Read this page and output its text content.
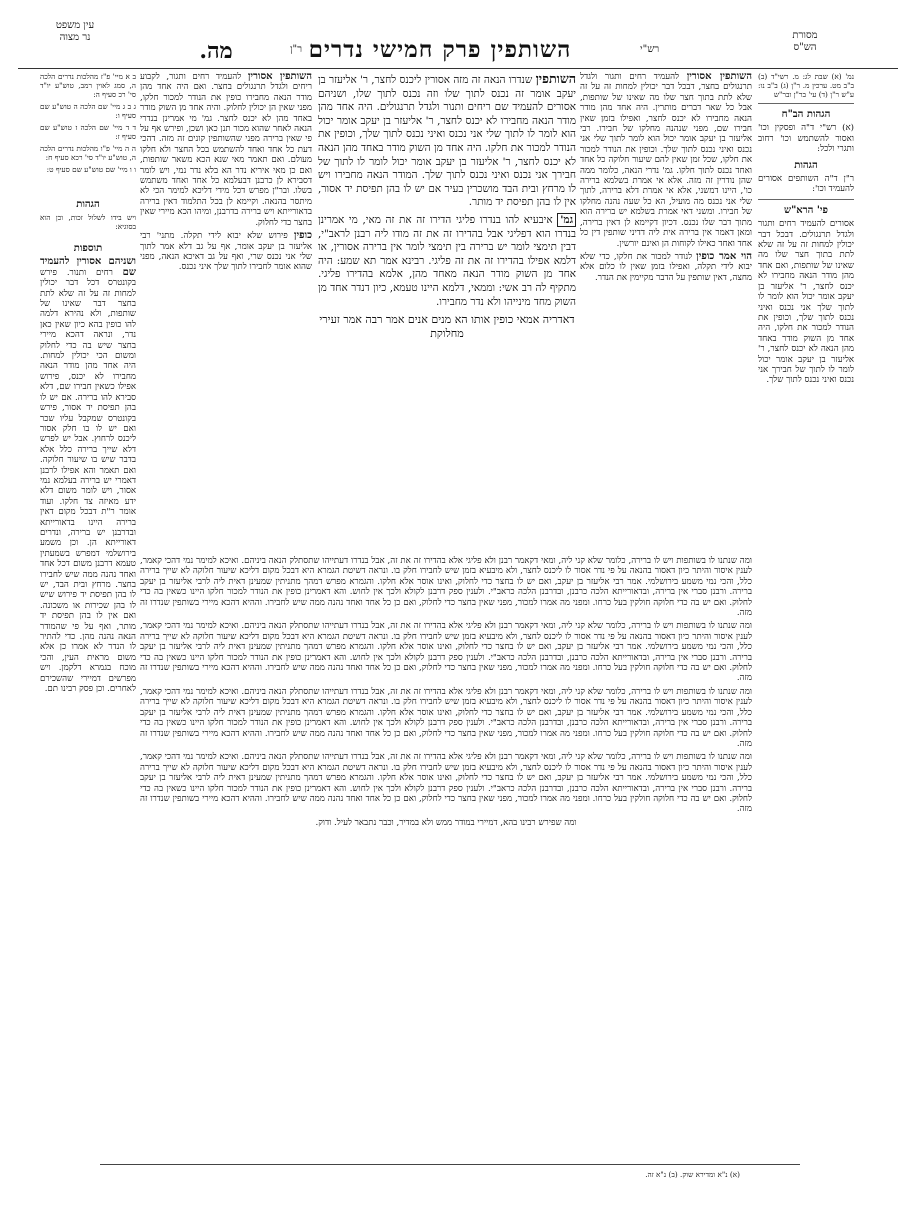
השותפין פרק חמישי נדרים
מה.	רש"י
ר"ן
עין משפט
נר מצוה	מסורת
הש"ס

נמ' (א) שבת לג: מ. רשי"ד (ב) ב"ב מט. ערכין מ. ר"ן (ג) ב"ב נו: ע"ש ר"ן (ד) עי' בר"ן ובר"ש

הגהות הב"ח

(א) רש"י ד"ה ופסקין וכו' ואסור להשתמש וכו' רחוב ותגרי ולכל:

הגהות

ר"ן ד"ה השותפים אסורים להעמיד וכו':

פי' הרא"ש

אסורים להעמיד רחים ותגור ולגדל תרנגולים. דבכל דבר יכולין למחות זה על זה שלא לתת בתוך חצר שלו מה שאינו של שותפות, ואם אחד מהן מודר הנאה מחבירו לא יכנס לחצר, ר' אליעזר בן יעקב אומר יכול הוא לומר לו לתוך שלך אני נכנס ואיני נכנס לתוך שלך, וכופין את הנודר למכור את חלקו, היה אחד מן השוק מודר באחד מהן הנאה לא יכנס לחצר, ר' אליעזר בן יעקב אומר יכול לומר לו לתוך של חבירך אני נכנס ואיני נכנס לתוך שלך.

השותפין אסורין להעמיד רחים ותגור ולגדל תרנגולים בחצר, דבכל דבר יכולין למחות זה על זה שלא לתת בתוך חצר שלו מה שאינו של שותפות, אבל כל שאר דברים מותרין. היה אחד מהן מודר הנאה מחבירו לא יכנס לחצר, ואפילו בזמן שאין חבירו שם, מפני שנהנה מחלקו של חבירו. רבי אליעזר בן יעקב אומר יכול הוא לומר לתוך שלי אני נכנס ואיני נכנס לתוך שלך. וכופין את הנודר למכור את חלקו, שכל זמן שאין להם שיעור חלוקה כל אחד ואחד נכנס לתוך חלקו. גמ' נדרי הנאה, כלומר ממה שהן נודרין זה מזה. אלא אי אמרת בשלמא ברירה כו', היינו דמשני, אלא אי אמרת דלא ברירה, לתוך שלי אני נכנס מה מועיל, הא כל שעה נהנה מחלקו של חבירו. ומשני דאי אמרת בשלמא יש ברירה הוא מתוך דבר שלו נכנס. דכיון דקיימא לן דאין ברירה, ומאן דאמר אין ברירה אית ליה דדיני שותפין דין כל אחד ואחד כאילו לקוחות הן ואינם יורשין.

הוי אמר כופין לנודר למכור את חלקו, כדי שלא יבוא לידי תקלה, ואפילו בזמן שאין לו כלום אלא מחצה, דאין שותפין על הדבר מקיימין את הנדר.

השותפין שנדרו הנאה זה מזה אסורין ליכנס לחצר, ר' אליעזר בן יעקב אומר זה נכנס לתוך שלו וזה נכנס לתוך שלו, ושניהם אסורים להעמיד שם ריחים ותנור ולגדל תרנגולים. היה אחד מהן מודר הנאה מחבירו לא יכנס לחצר, ר' אליעזר בן יעקב אומר יכול הוא לומר לו לתוך שלי אני נכנס ואיני נכנס לתוך שלך, וכופין את הנודר למכור את חלקו. היה אחד מן השוק מודר באחד מהן הנאה לא יכנס לחצר, ר' אליעזר בן יעקב אומר יכול לומר לו לתוך של חבירך אני נכנס ואיני נכנס לתוך שלך. המודר הנאה מחבירו ויש לו מרחץ ובית הבד מושכרין בעיר אם יש לו בהן תפיסת יד אסור, אין לו בהן תפיסת יד מותר.

גמ' איבעיא להו בנדרו פליגי הדירו זה את זה מאי, מי אמרינן בנדרו הוא דפליגי אבל בהדירו זה את זה מודו ליה רבנן לראב"י, דבין תימצי לומר יש ברירה בין תימצי לומר אין ברירה אסורין, או דלמא אפילו בהדירו זה את זה פליגי. רבינא אמר תא שמע: היה אחד מן השוק מודר הנאה מאחד מהן, אלמא בהדירו פליגי. מתקיף לה רב אשי: וממאי, דלמא היינו טעמא, כיון דנדר אחד מן השוק מחד מינייהו ולא נדר מחבירו.

דאדריה אמאי כופין אותו הא מנים אנים אמר רבה אמר זעירי מחלוקת

השותפין אסורין להעמיד רחים ותגור, לקבוע ריחים ולגדל תרנגולים בחצר. ואם היה אחד מהן מודר הנאה מחבירו כופין את הנודר למכור חלקו, מפני שאין הן יכולין לחלוק. והיה אחד מן השוק מודר באחד מהן לא יכנס לחצר. גמ' מי אמרינן בנדרי הנאה לאחר שהוא מכור תנן כאן ושכן, ופירש אף על פי שאין ברירה מפני שהשותפין קונים זה מזה. דהכי דעת כל אחד ואחד להשתמש בכל החצר ולא חלקו מעולם. ואם תאמר מאי שנא הכא משאר שותפות, ואם כן מאי איריא נדר הא בלא נדר נמי, ויש לומר דסבירא לן כרבנן דבעלמא כל אחד ואחד משתמש בשלו. ובר"ן מפרש דכל מידי דליכא למימר הכי לא מיתסר בהנאה. וקיימא לן בכל התלמוד דאין ברירה בדאורייתא ויש ברירה בדרבנן, ומיהו הכא מיירי שאין בחצר כדי לחלוק.

כופין פירוש שלא יבוא לידי תקלה. מתני' רבי אליעזר בן יעקב אומר, אף על גב דלא אמר לתוך שלי אני נכנס שרי, ואף על גב דאיכא הנאה, מפני שהוא אומר לחבירו לתוך שלך איני נכנס.

ב א מיי' פ"ז מהלכות נדרים הלכה ה, סמג לאוין רמב, טוש"ע יו"ד סי' רכ סעיף ה:

ג ב ג מיי' שם הלכה ה טוש"ע שם סעיף ו:

ד ד מיי' שם הלכה ז טוש"ע שם סעיף ז:

ה ה מיי' פ"ו מהלכות נדרים הלכה ה, טוש"ע יו"ד סי' רכא סעיף ח:

ו ו מיי' שם טוש"ע שם סעיף ט:

הגהות

ויש בידו לשלול זכות, וכן הוא בסוגיא:

תוספות

ושניהם אסורין להעמיד שם רחים ותנור. פירש בקונטרס דכל דבר יכולין למחות זה על זה שלא לתת בחצר דבר שאינו של שותפות, ולא נהירא דלמה להו כופין בהא כיון שאין כאן נדר, ונראה דהכא מיירי בחצר שיש בה כדי לחלוק ומשום הכי יכולין למחות. היה אחד מהן מודר הנאה מחבירו לא יכנס, פירוש אפילו כשאין חבירו שם, דלא סבירא להו ברירה. אם יש לו בהן תפיסת יד אסור, פירש בקונטרס שמקבל עליו שכר ואם יש לו בו חלק אסור ליכנס לרחוץ. אבל יש לפרש דלא שייך ברירה כלל אלא בדבר שיש בו שיעור חלוקה. ואם תאמר והא אפילו לרבנן דאמרי יש ברירה בעלמא נמי אסור, ויש לומר משום דלא ידע מאיזה צד חלקו. ועוד אומר ר"ת דבכל מקום דאין ברירה היינו בדאורייתא ובדרבנן יש ברירה, ונדרים דאורייתא הן. וכן משמע בירושלמי דמפרש בשמעתין טעמא דרבנן משום דכל אחד ואחד נהנה ממה שיש לחבירו בחצר. מרחץ ובית הבד, יש לו בהן תפיסת יד פירוש שיש לו בהן שכירות או משכונה. ואם אין לו בהן תפיסת יד מותר, ואף על פי שהמודר הנאה נהנה מהן. כדי להתיר לו הנדר לא אמרו כן אלא משום מראית העין, והכי מוכח בגמרא דלקמן. ויש מפרשים דמיירי שהשכירם לאחרים. וכן פסק רבינו תם.

ומה שנתנו לו בשותפות ויש לו ברירה, כלומר שלא קני ליה, ומאי דקאמר רבנן ולא פליגי אלא בהדירו זה את זה, אבל בנדרו דעתייהו שתסתלק הנאה ביניהם. ואיכא למימר נמי דהכי קאמר, לענין איסור והיתר כיון דאסור בהנאה על פי נדר אסור לו ליכנס לחצר, ולא מיבעיא בזמן שיש לחבירו חלק בו. ונראה דשיטת הגמרא היא דבכל מקום דליכא שיעור חלוקה לא שייך ברירה כלל, והכי נמי משמע בירושלמי. אמר רבי אליעזר בן יעקב, ואם יש לו בחצר כדי לחלוק, ואינו אוסר אלא חלקו. והגמרא מפרש דמהך מתניתין שמעינן דאית ליה לרבי אליעזר בן יעקב ברירה. ורבנן סברי אין ברירה, ובדאורייתא הלכה כרבנן, ובדרבנן הלכה כראב"י. ולענין ספק דרבנן לקולא ולכך אין לחוש. והא דאמרינן כופין את הנודר למכור חלקו היינו כשאין בה כדי לחלוק. ואם יש בה כדי חלוקה חולקין בעל כרחו. ומפני מה אמרו למכור, מפני שאין בחצר כדי לחלוק, ואם כן כל אחד ואחד נהנה ממה שיש לחבירו. וההיא דהכא מיירי בשותפין שנדרו זה מזה.

ומה שנתנו לו בשותפות ויש לו ברירה, כלומר שלא קני ליה, ומאי דקאמר רבנן ולא פליגי אלא בהדירו זה את זה, אבל בנדרו דעתייהו שתסתלק הנאה ביניהם. ואיכא למימר נמי דהכי קאמר, לענין איסור והיתר כיון דאסור בהנאה על פי נדר אסור לו ליכנס לחצר, ולא מיבעיא בזמן שיש לחבירו חלק בו. ונראה דשיטת הגמרא היא דבכל מקום דליכא שיעור חלוקה לא שייך ברירה כלל, והכי נמי משמע בירושלמי. אמר רבי אליעזר בן יעקב, ואם יש לו בחצר כדי לחלוק, ואינו אוסר אלא חלקו. והגמרא מפרש דמהך מתניתין שמעינן דאית ליה לרבי אליעזר בן יעקב ברירה. ורבנן סברי אין ברירה, ובדאורייתא הלכה כרבנן, ובדרבנן הלכה כראב"י. ולענין ספק דרבנן לקולא ולכך אין לחוש. והא דאמרינן כופין את הנודר למכור חלקו היינו כשאין בה כדי לחלוק. ואם יש בה כדי חלוקה חולקין בעל כרחו. ומפני מה אמרו למכור, מפני שאין בחצר כדי לחלוק, ואם כן כל אחד ואחד נהנה ממה שיש לחבירו. וההיא דהכא מיירי בשותפין שנדרו זה מזה.

ומה שנתנו לו בשותפות ויש לו ברירה, כלומר שלא קני ליה, ומאי דקאמר רבנן ולא פליגי אלא בהדירו זה את זה, אבל בנדרו דעתייהו שתסתלק הנאה ביניהם. ואיכא למימר נמי דהכי קאמר, לענין איסור והיתר כיון דאסור בהנאה על פי נדר אסור לו ליכנס לחצר, ולא מיבעיא בזמן שיש לחבירו חלק בו. ונראה דשיטת הגמרא היא דבכל מקום דליכא שיעור חלוקה לא שייך ברירה כלל, והכי נמי משמע בירושלמי. אמר רבי אליעזר בן יעקב, ואם יש לו בחצר כדי לחלוק, ואינו אוסר אלא חלקו. והגמרא מפרש דמהך מתניתין שמעינן דאית ליה לרבי אליעזר בן יעקב ברירה. ורבנן סברי אין ברירה, ובדאורייתא הלכה כרבנן, ובדרבנן הלכה כראב"י. ולענין ספק דרבנן לקולא ולכך אין לחוש. והא דאמרינן כופין את הנודר למכור חלקו היינו כשאין בה כדי לחלוק. ואם יש בה כדי חלוקה חולקין בעל כרחו. ומפני מה אמרו למכור, מפני שאין בחצר כדי לחלוק, ואם כן כל אחד ואחד נהנה ממה שיש לחבירו. וההיא דהכא מיירי בשותפין שנדרו זה מזה.

ומה שנתנו לו בשותפות ויש לו ברירה, כלומר שלא קני ליה, ומאי דקאמר רבנן ולא פליגי אלא בהדירו זה את זה, אבל בנדרו דעתייהו שתסתלק הנאה ביניהם. ואיכא למימר נמי דהכי קאמר, לענין איסור והיתר כיון דאסור בהנאה על פי נדר אסור לו ליכנס לחצר, ולא מיבעיא בזמן שיש לחבירו חלק בו. ונראה דשיטת הגמרא היא דבכל מקום דליכא שיעור חלוקה לא שייך ברירה כלל, והכי נמי משמע בירושלמי. אמר רבי אליעזר בן יעקב, ואם יש לו בחצר כדי לחלוק, ואינו אוסר אלא חלקו. והגמרא מפרש דמהך מתניתין שמעינן דאית ליה לרבי אליעזר בן יעקב ברירה. ורבנן סברי אין ברירה, ובדאורייתא הלכה כרבנן, ובדרבנן הלכה כראב"י. ולענין ספק דרבנן לקולא ולכך אין לחוש. והא דאמרינן כופין את הנודר למכור חלקו היינו כשאין בה כדי לחלוק. ואם יש בה כדי חלוקה חולקין בעל כרחו. ומפני מה אמרו למכור, מפני שאין בחצר כדי לחלוק, ואם כן כל אחד ואחד נהנה ממה שיש לחבירו. וההיא דהכא מיירי בשותפין שנדרו זה מזה.

ומה שפירש רבינו בהא, דמיירי במודר ממש ולא במדיר, וכבר נתבאר לעיל. ודוק.

(א) נ"א ומדירא שוק. (ב) נ"א זה.
